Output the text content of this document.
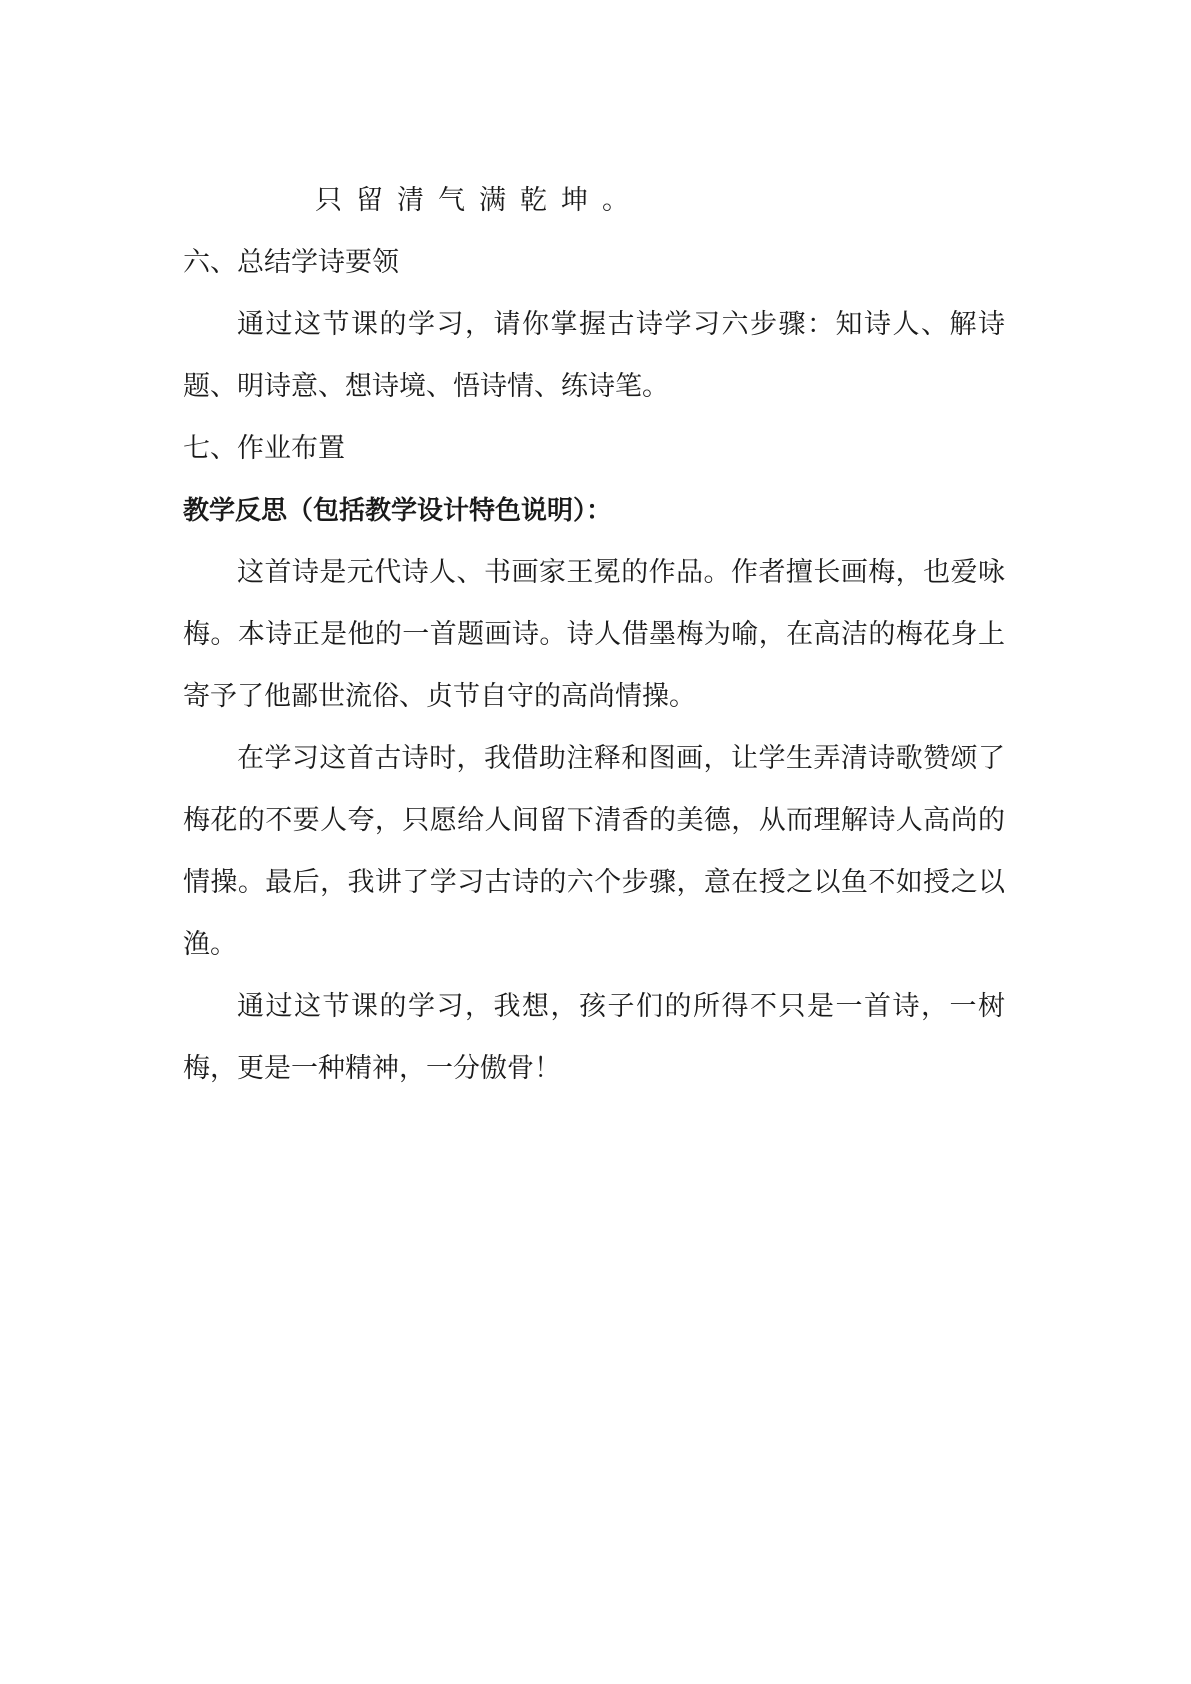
只留清气满乾坤。
六、总结学诗要领

通过这节课的学习，请你掌握古诗学习六步骤：知诗人、解诗题、明诗意、想诗境、悟诗情、练诗笔。

七、作业布置
教学反思（包括教学设计特色说明）：

这首诗是元代诗人、书画家王冕的作品。作者擅长画梅，也爱咏梅。本诗正是他的一首题画诗。诗人借墨梅为喻，在高洁的梅花身上寄予了他鄙世流俗、贞节自守的高尚情操。

在学习这首古诗时，我借助注释和图画，让学生弄清诗歌赞颂了梅花的不要人夸，只愿给人间留下清香的美德，从而理解诗人高尚的情操。最后，我讲了学习古诗的六个步骤，意在授之以鱼不如授之以渔。

通过这节课的学习，我想，孩子们的所得不只是一首诗，一树梅，更是一种精神，一分傲骨！
